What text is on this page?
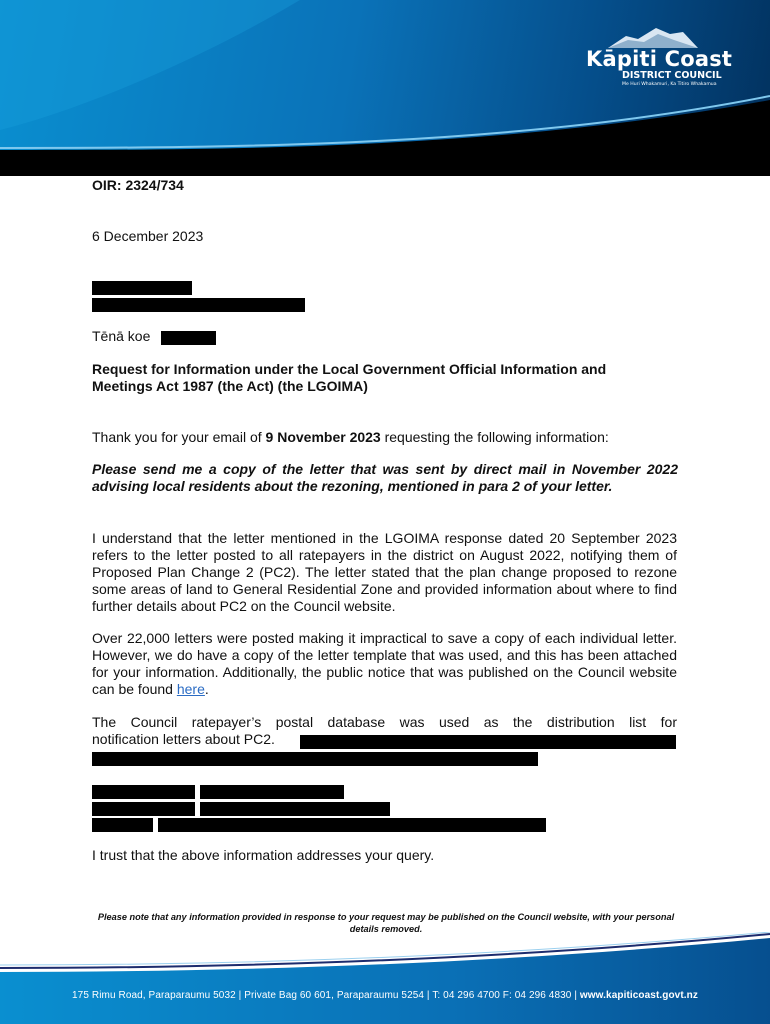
Kāpiti Coast
DISTRICT COUNCIL
Me Huri Whakamuri, Ka Titiro Whakamua
OIR: 2324/734
6 December 2023
Tēnā koe
Request for Information under the Local Government Official Information and
Meetings Act 1987 (the Act) (the LGOIMA)
Thank you for your email of 9 November 2023 requesting the following information:
Please send me a copy of the letter that was sent by direct mail in November 2022 advising local residents about the rezoning, mentioned in para 2 of your letter.
I understand that the letter mentioned in the LGOIMA response dated 20 September 2023 refers to the letter posted to all ratepayers in the district on August 2022, notifying them of Proposed Plan Change 2 (PC2). The letter stated that the plan change proposed to rezone some areas of land to General Residential Zone and provided information about where to find further details about PC2 on the Council website.
Over 22,000 letters were posted making it impractical to save a copy of each individual letter. However, we do have a copy of the letter template that was used, and this has been attached for your information. Additionally, the public notice that was published on the Council website can be found here.
The Council ratepayer’s postal database was used as the distribution list for
notification letters about PC2.
I trust that the above information addresses your query.
Please note that any information provided in response to your request may be published on the Council website, with your personal details removed.
175 Rimu Road, Paraparaumu 5032 | Private Bag 60 601, Paraparaumu 5254 | T: 04 296 4700 F: 04 296 4830 | www.kapiticoast.govt.nz
